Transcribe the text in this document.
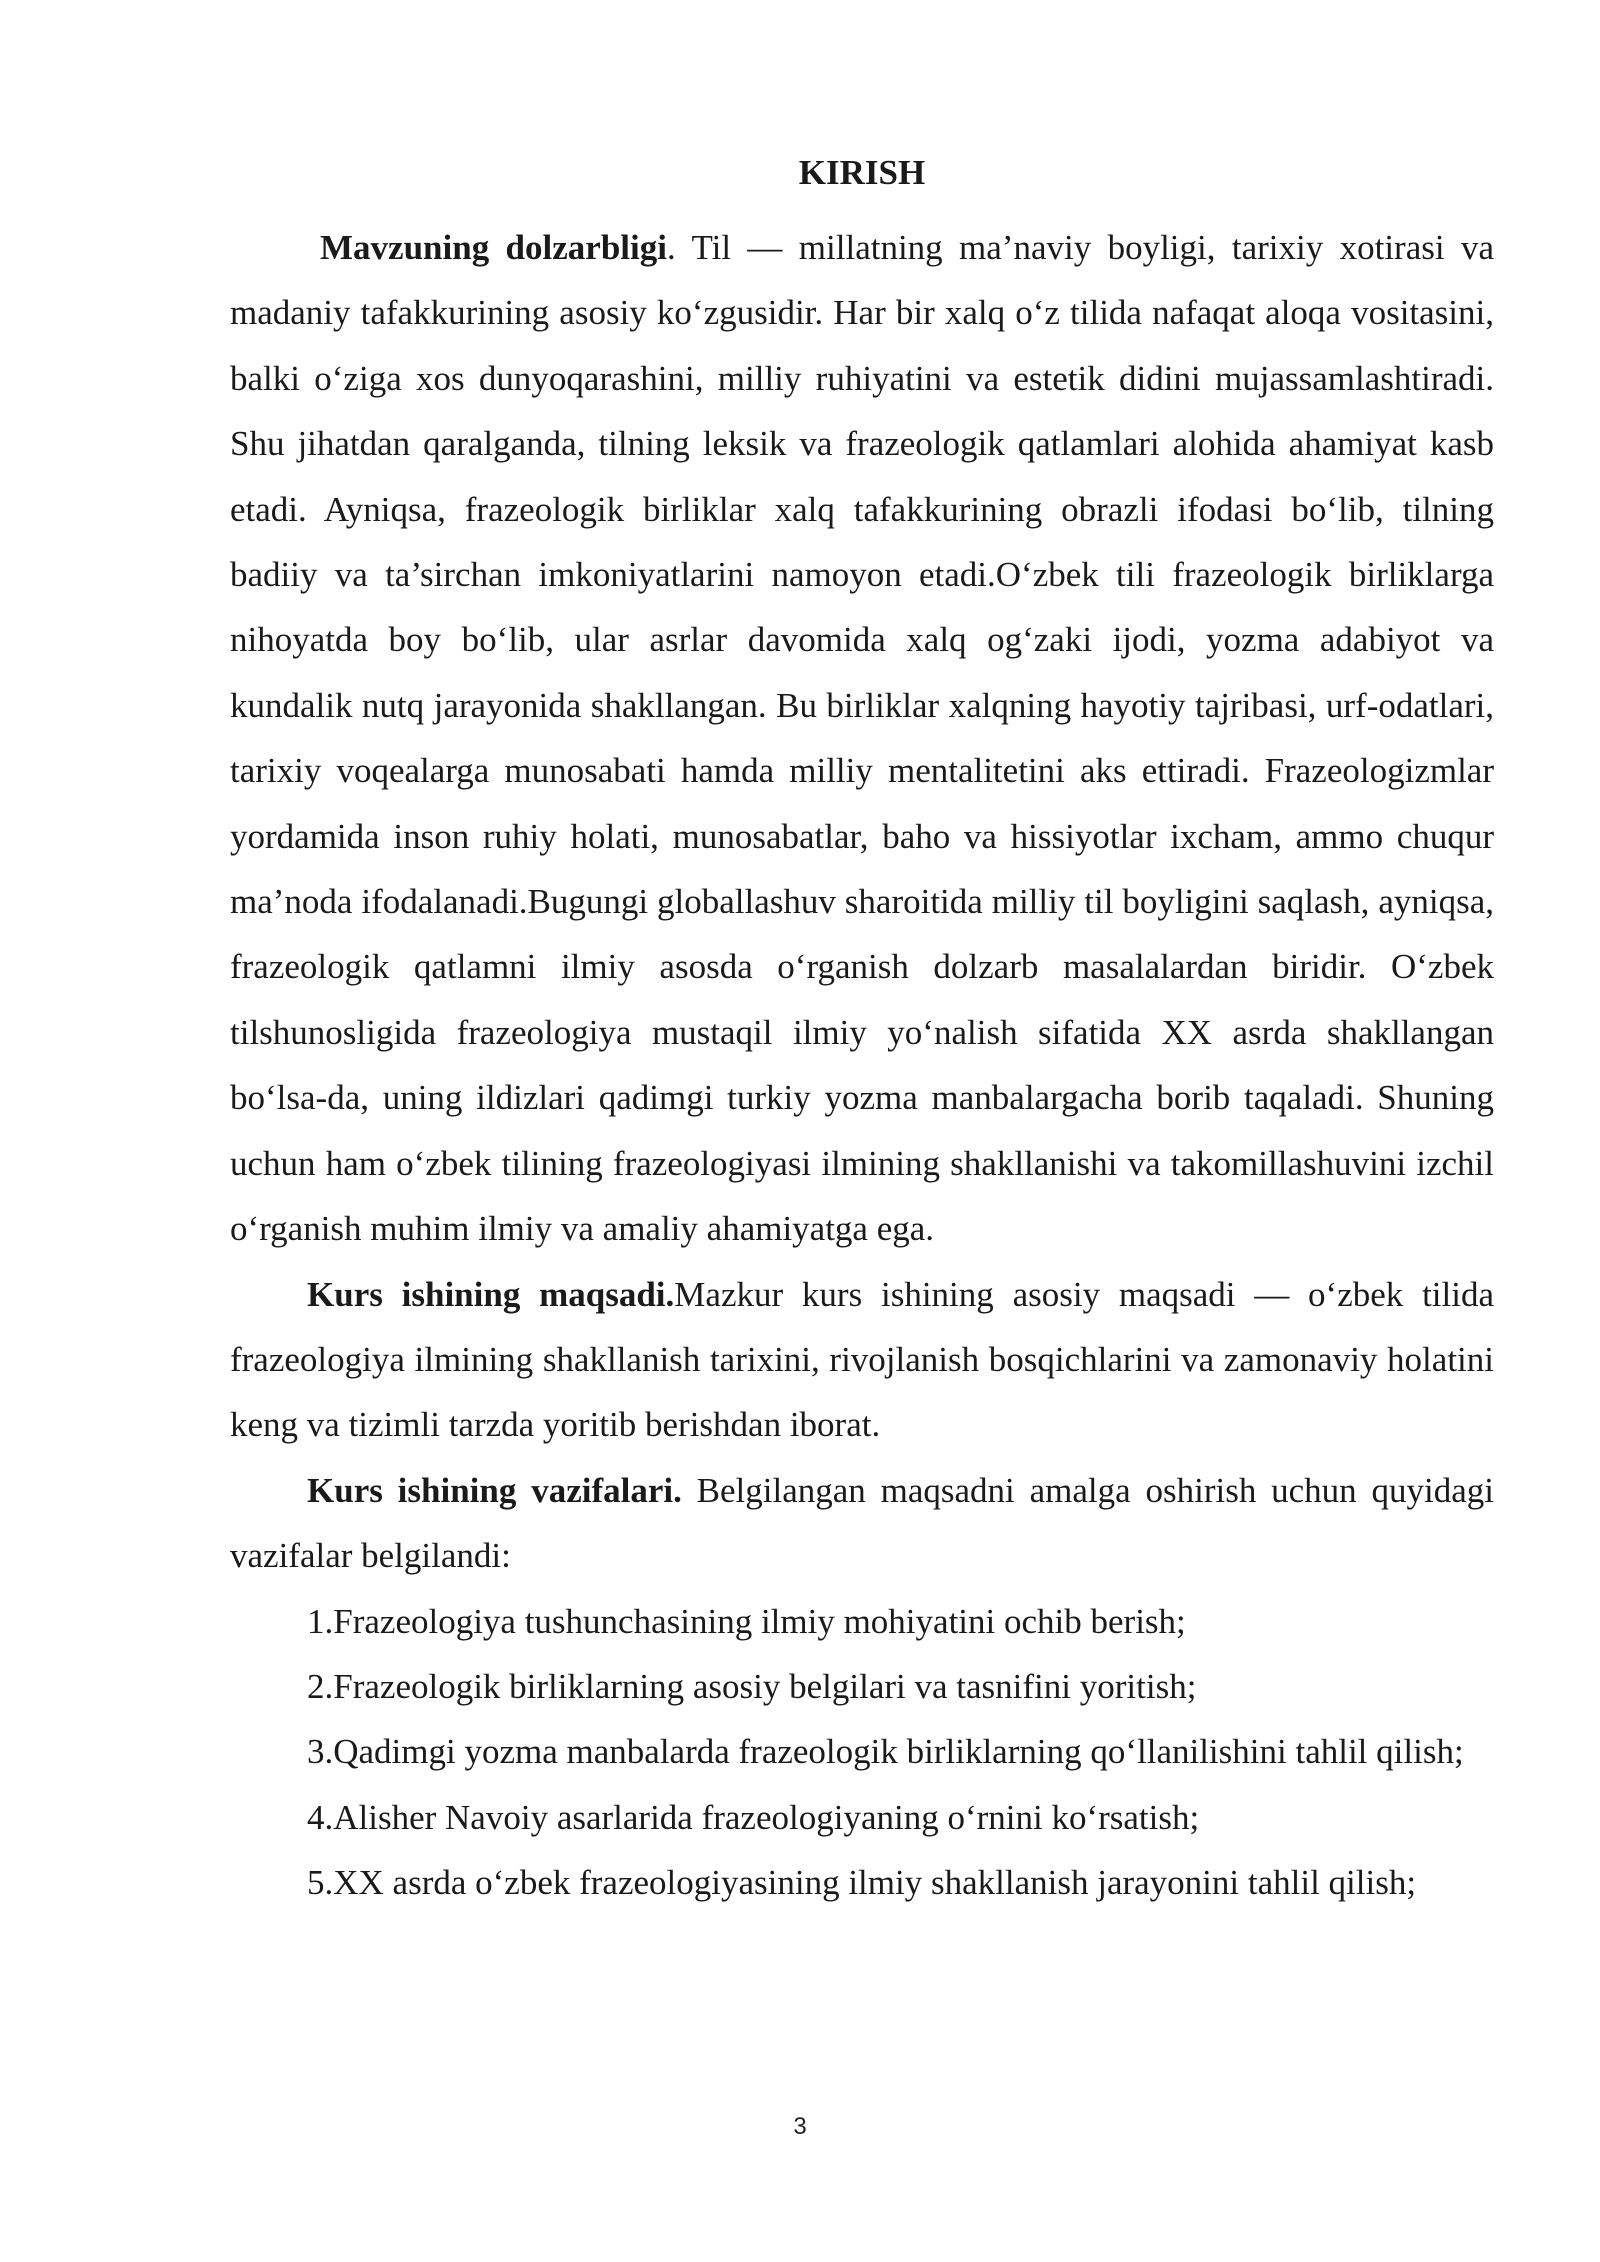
KIRISH

Mavzuning dolzarbligi. Til — millatning ma’naviy boyligi, tarixiy xotirasi va madaniy tafakkurining asosiy ko‘zgusidir. Har bir xalq o‘z tilida nafaqat aloqa vositasini, balki o‘ziga xos dunyoqarashini, milliy ruhiyatini va estetik didini mujassamlashtiradi. Shu jihatdan qaralganda, tilning leksik va frazeologik qatlamlari alohida ahamiyat kasb etadi. Ayniqsa, frazeologik birliklar xalq tafakkurining obrazli ifodasi bo‘lib, tilning badiiy va ta’sirchan imkoniyatlarini namoyon etadi.O‘zbek tili frazeologik birliklarga nihoyatda boy bo‘lib, ular asrlar davomida xalq og‘zaki ijodi, yozma adabiyot va kundalik nutq jarayonida shakllangan. Bu birliklar xalqning hayotiy tajribasi, urf-odatlari, tarixiy voqealarga munosabati hamda milliy mentalitetini aks ettiradi. Frazeologizmlar yordamida inson ruhiy holati, munosabatlar, baho va hissiyotlar ixcham, ammo chuqur ma’noda ifodalanadi.Bugungi globallashuv sharoitida milliy til boyligini saqlash, ayniqsa, frazeologik qatlamni ilmiy asosda o‘rganish dolzarb masalalardan biridir. O‘zbek tilshunosligida frazeologiya mustaqil ilmiy yo‘nalish sifatida XX asrda shakllangan bo‘lsa-da, uning ildizlari qadimgi turkiy yozma manbalargacha borib taqaladi. Shuning uchun ham o‘zbek tilining frazeologiyasi ilmining shakllanishi va takomillashuvini izchil o‘rganish muhim ilmiy va amaliy ahamiyatga ega.

Kurs ishining maqsadi.Mazkur kurs ishining asosiy maqsadi — o‘zbek tilida frazeologiya ilmining shakllanish tarixini, rivojlanish bosqichlarini va zamonaviy holatini keng va tizimli tarzda yoritib berishdan iborat.

Kurs ishining vazifalari. Belgilangan maqsadni amalga oshirish uchun quyidagi vazifalar belgilandi:

1.Frazeologiya tushunchasining ilmiy mohiyatini ochib berish;

2.Frazeologik birliklarning asosiy belgilari va tasnifini yoritish;

3.Qadimgi yozma manbalarda frazeologik birliklarning qo‘llanilishini tahlil qilish;

4.Alisher Navoiy asarlarida frazeologiyaning o‘rnini ko‘rsatish;

5.XX asrda o‘zbek frazeologiyasining ilmiy shakllanish jarayonini tahlil qilish;

3
